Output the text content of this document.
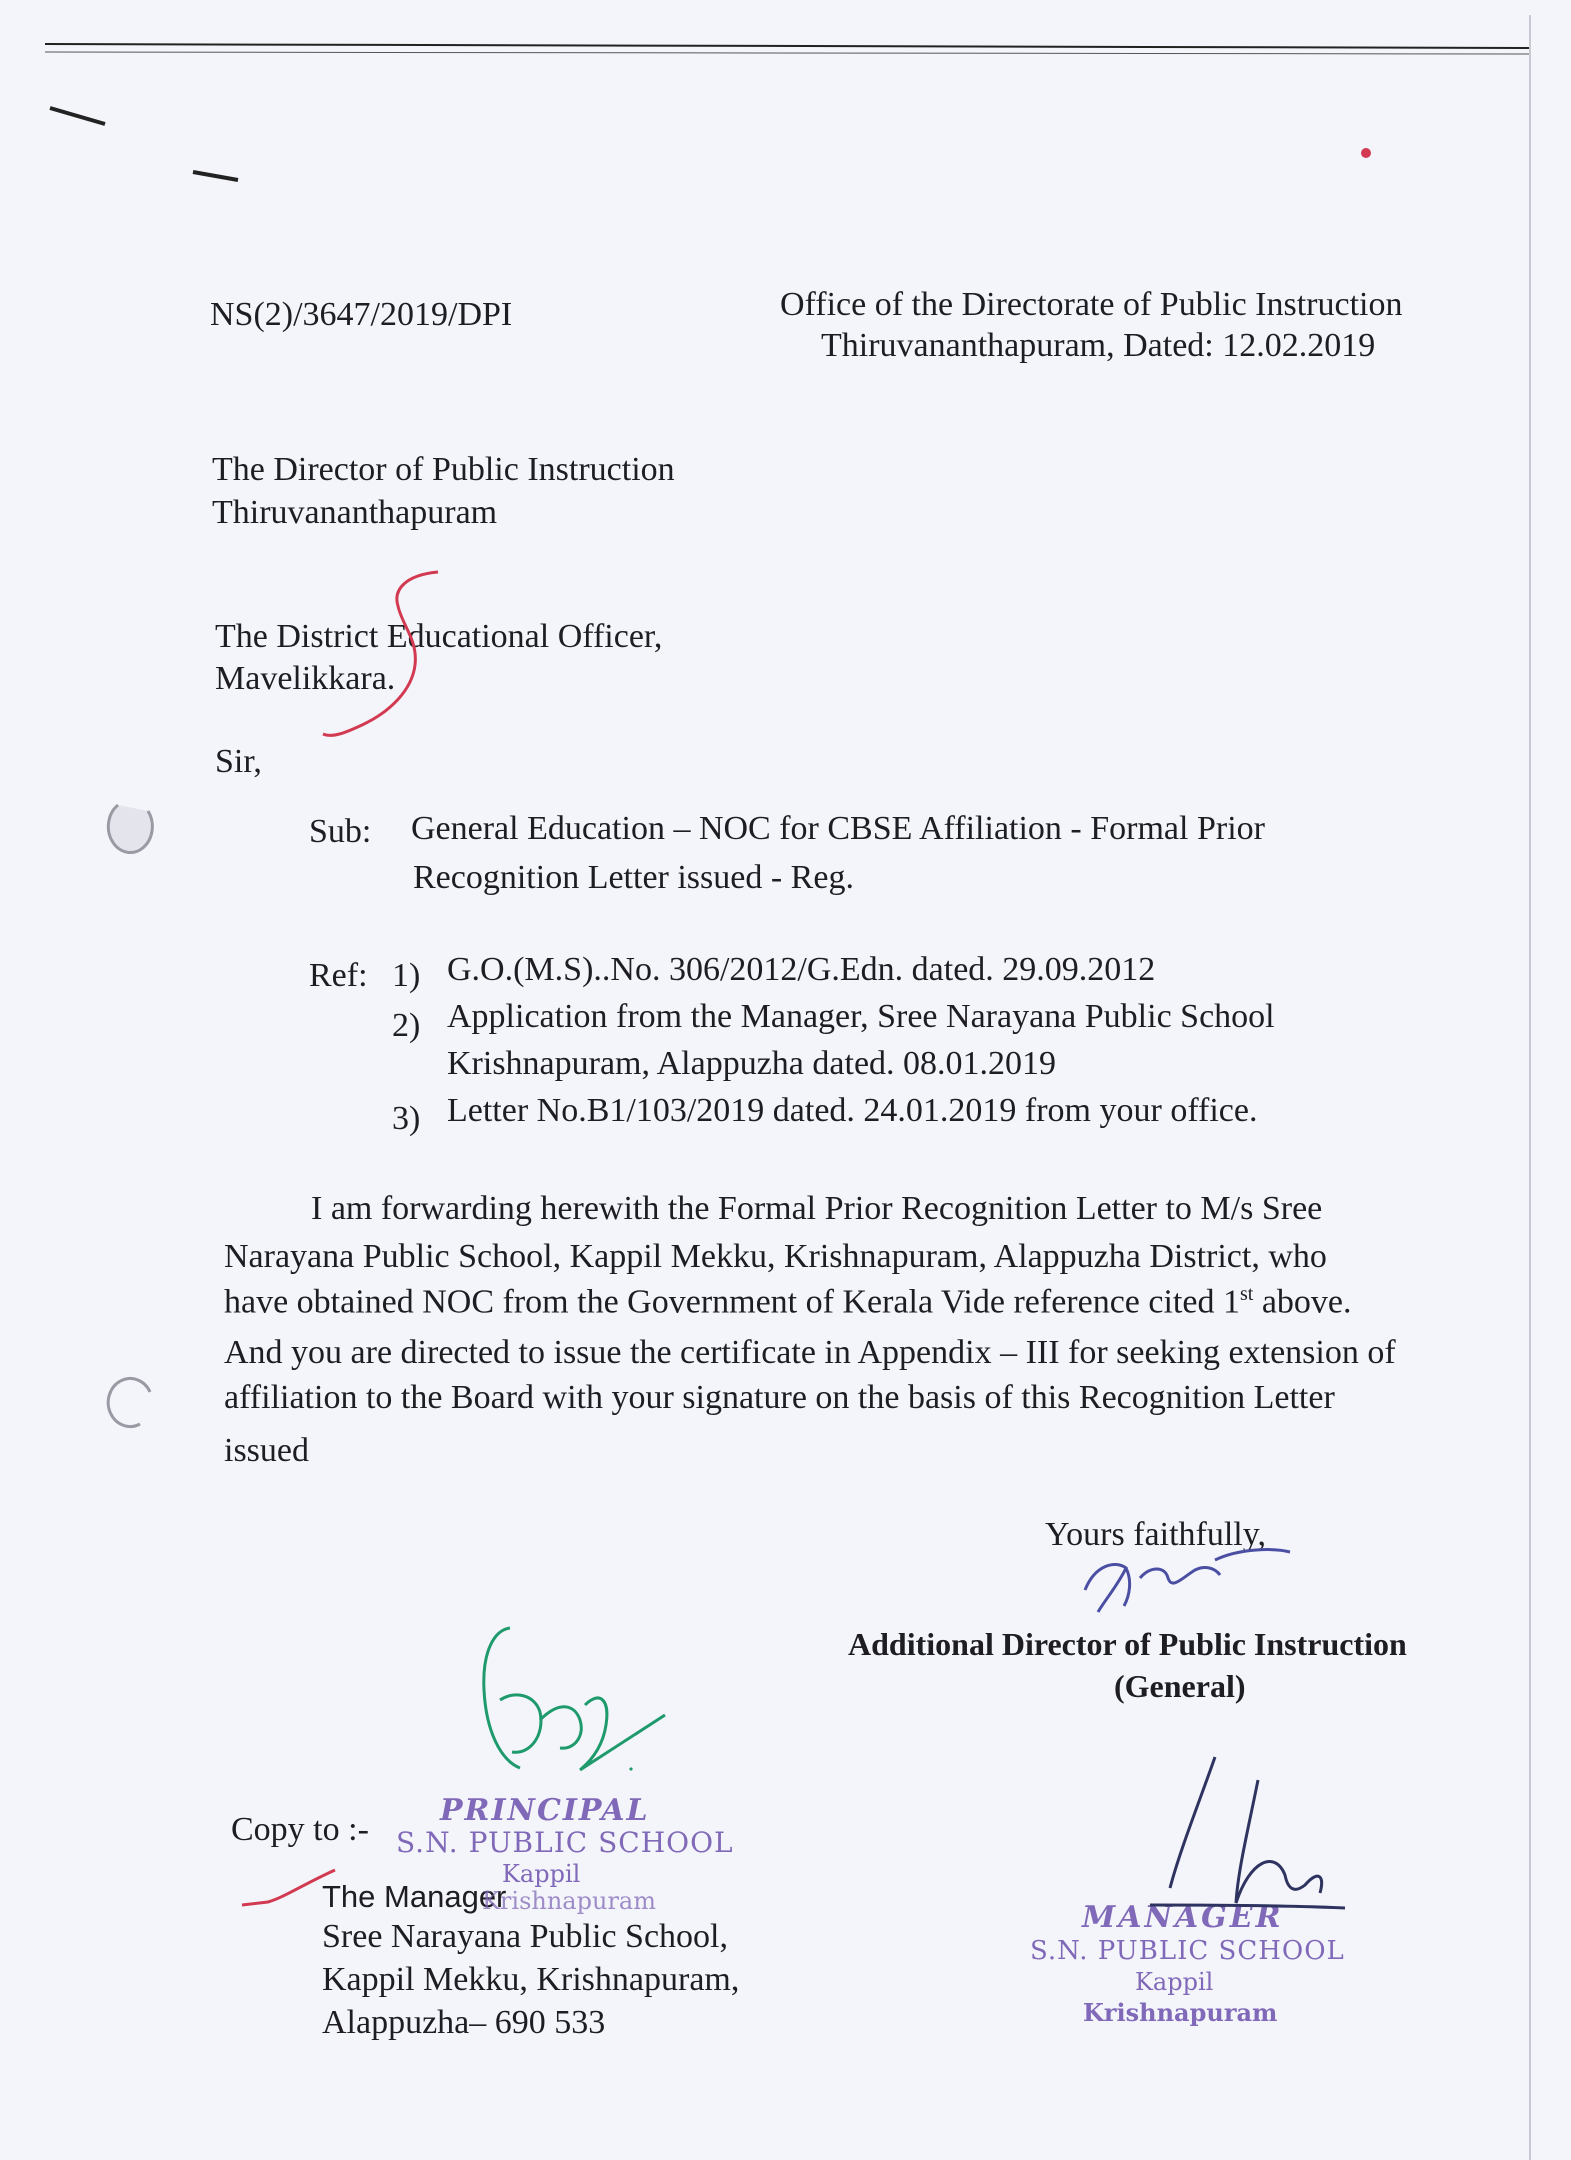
NS(2)/3647/2019/DPI	Office of the Directorate of Public Instruction
Thiruvananthapuram, Dated: 12.02.2019
The Director of Public Instruction
Thiruvananthapuram
The District Educational Officer,
Mavelikkara.
Sir,
Sub: General Education – NOC for CBSE Affiliation - Formal Prior
Recognition Letter issued - Reg.
Ref: 1) G.O.(M.S)..No. 306/2012/G.Edn. dated. 29.09.2012
2) Application from the Manager, Sree Narayana Public School
Krishnapuram, Alappuzha dated. 08.01.2019
3) Letter No.B1/103/2019 dated. 24.01.2019 from your office.
I am forwarding herewith the Formal Prior Recognition Letter to M/s Sree
Narayana Public School, Kappil Mekku, Krishnapuram, Alappuzha District, who
have obtained NOC from the Government of Kerala Vide reference cited 1st above.
And you are directed to issue the certificate in Appendix – III for seeking extension of
affiliation to the Board with your signature on the basis of this Recognition Letter
issued
Yours faithfully,
Additional Director of Public Instruction
(General)
Copy to :-
The Manager
Sree Narayana Public School,
Kappil Mekku, Krishnapuram,
Alappuzha– 690 533
PRINCIPAL
S.N. PUBLIC SCHOOL
Kappil
Krishnapuram	MANAGER
S.N. PUBLIC SCHOOL
Kappil
Krishnapuram
